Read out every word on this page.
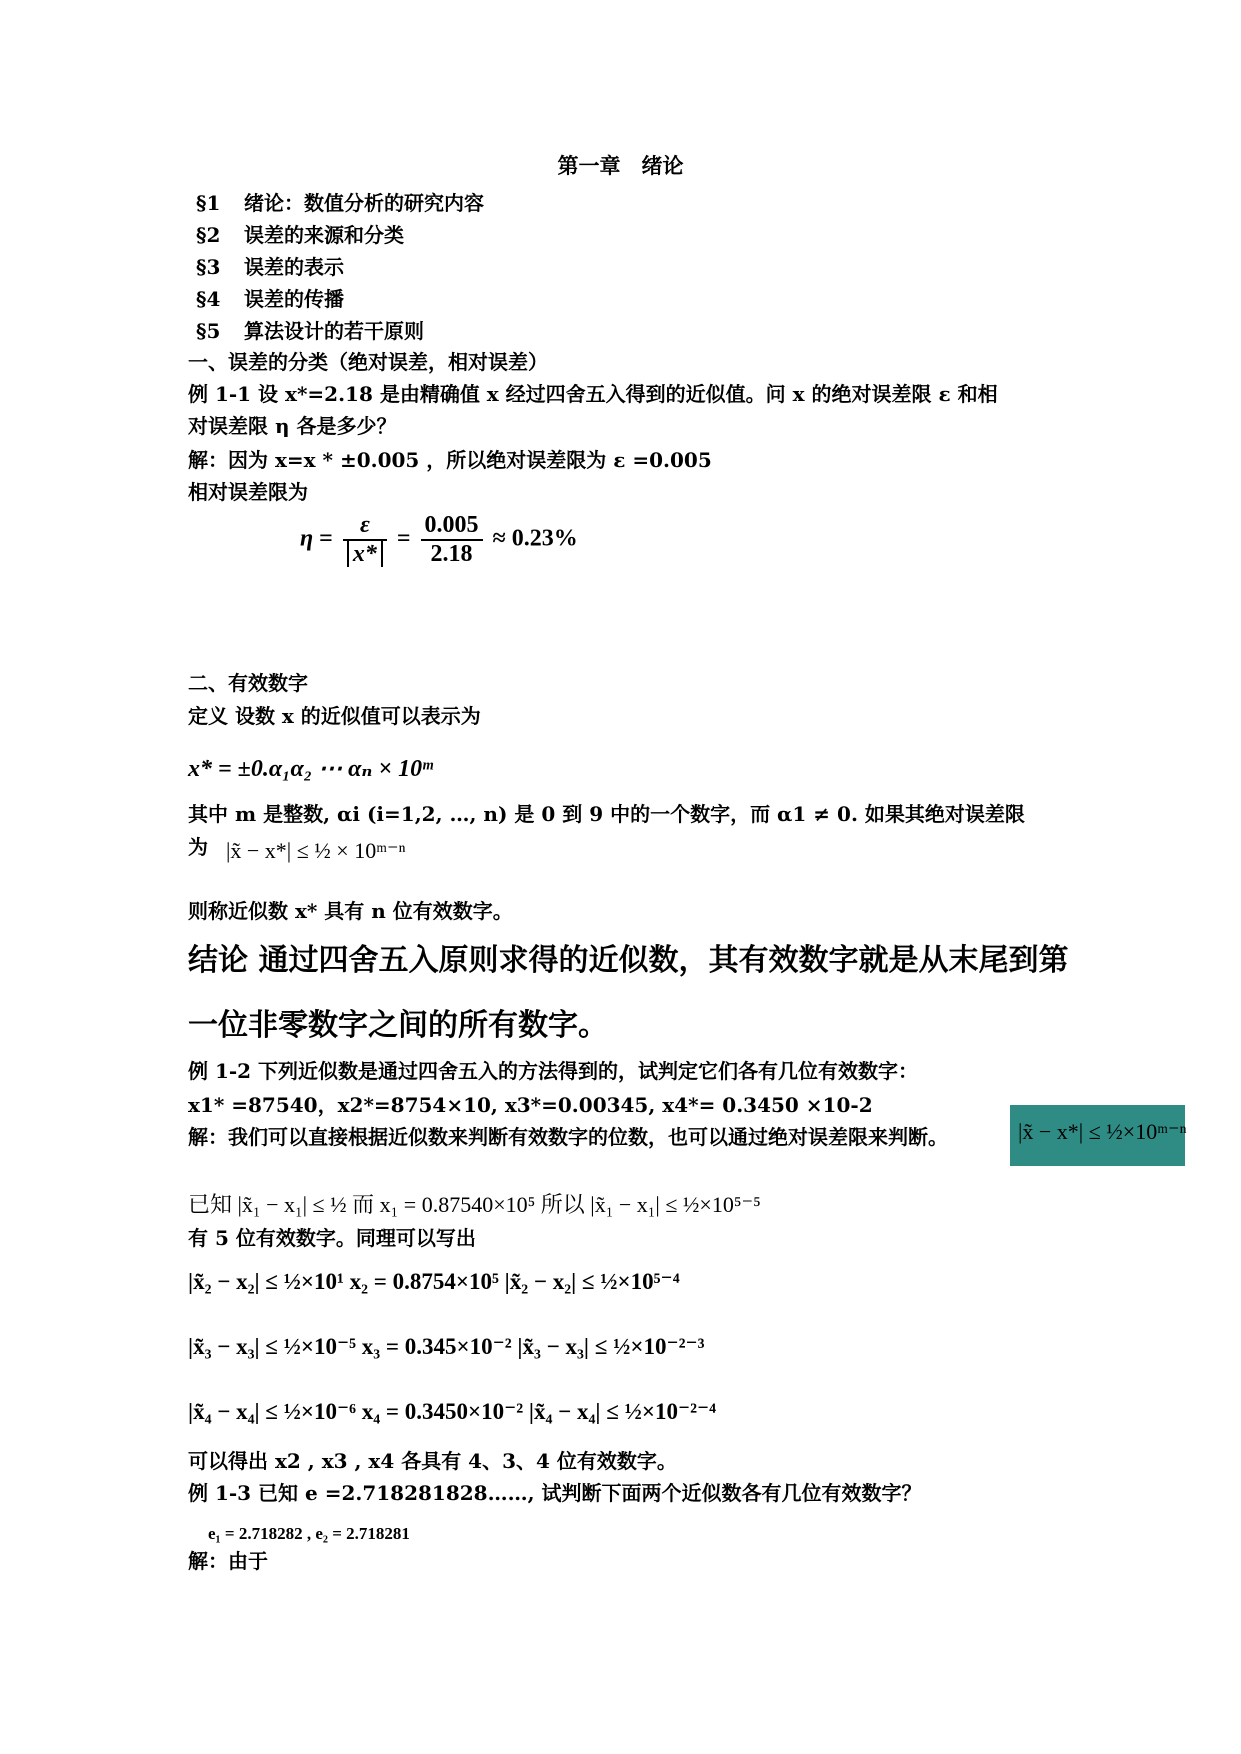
第一章　绪论
§1 绪论：数值分析的研究内容
§2 误差的来源和分类
§3 误差的表示
§4 误差的传播
§5 算法设计的若干原则
一、误差的分类（绝对误差，相对误差）
例 1-1 设 x*=2.18 是由精确值 x 经过四舍五入得到的近似值。问 x 的绝对误差限 ε 和相
对误差限 η 各是多少？
解：因为 x=x * ±0.005 ，所以绝对误差限为 ε =0.005
相对误差限为
$\eta = \frac{\varepsilon}{x*} = \frac{0.005}{2.18} \approx 0.23\%$
二、有效数字
定义 设数 x 的近似值可以表示为
x* = ±0.α₁α₂ ⋯ αₙ × 10ᵐ
其中 m 是整数, αi (i=1,2, …, n) 是 0 到 9 中的一个数字，而 α1 ≠ 0. 如果其绝对误差限
为 |x̃ − x*| ≤ ½ × 10ᵐ⁻ⁿ
则称近似数 x* 具有 n 位有效数字。
结论 通过四舍五入原则求得的近似数，其有效数字就是从末尾到第
一位非零数字之间的所有数字。
例 1-2 下列近似数是通过四舍五入的方法得到的，试判定它们各有几位有效数字：
x1* =87540，x2*=8754×10, x3*=0.00345, x4*= 0.3450 ×10-2
解：我们可以直接根据近似数来判断有效数字的位数，也可以通过绝对误差限来判断。	|x̃ − x*| ≤ ½×10ᵐ⁻ⁿ
已知 |x̃₁ − x₁| ≤ ½ 而 x₁ = 0.87540×10⁵ 所以 |x̃₁ − x₁| ≤ ½×10⁵⁻⁵
有 5 位有效数字。同理可以写出
|x̃₂ − x₂| ≤ ½×10¹ x₂ = 0.8754×10⁵ |x̃₂ − x₂| ≤ ½×10⁵⁻⁴
|x̃₃ − x₃| ≤ ½×10⁻⁵ x₃ = 0.345×10⁻² |x̃₃ − x₃| ≤ ½×10⁻²⁻³
|x̃₄ − x₄| ≤ ½×10⁻⁶ x₄ = 0.3450×10⁻² |x̃₄ − x₄| ≤ ½×10⁻²⁻⁴
可以得出 x2 , x3 , x4 各具有 4、3、4 位有效数字。
例 1-3 已知 e =2.718281828……, 试判断下面两个近似数各有几位有效数字？
e₁ = 2.718282 , e₂ = 2.718281
解：由于
